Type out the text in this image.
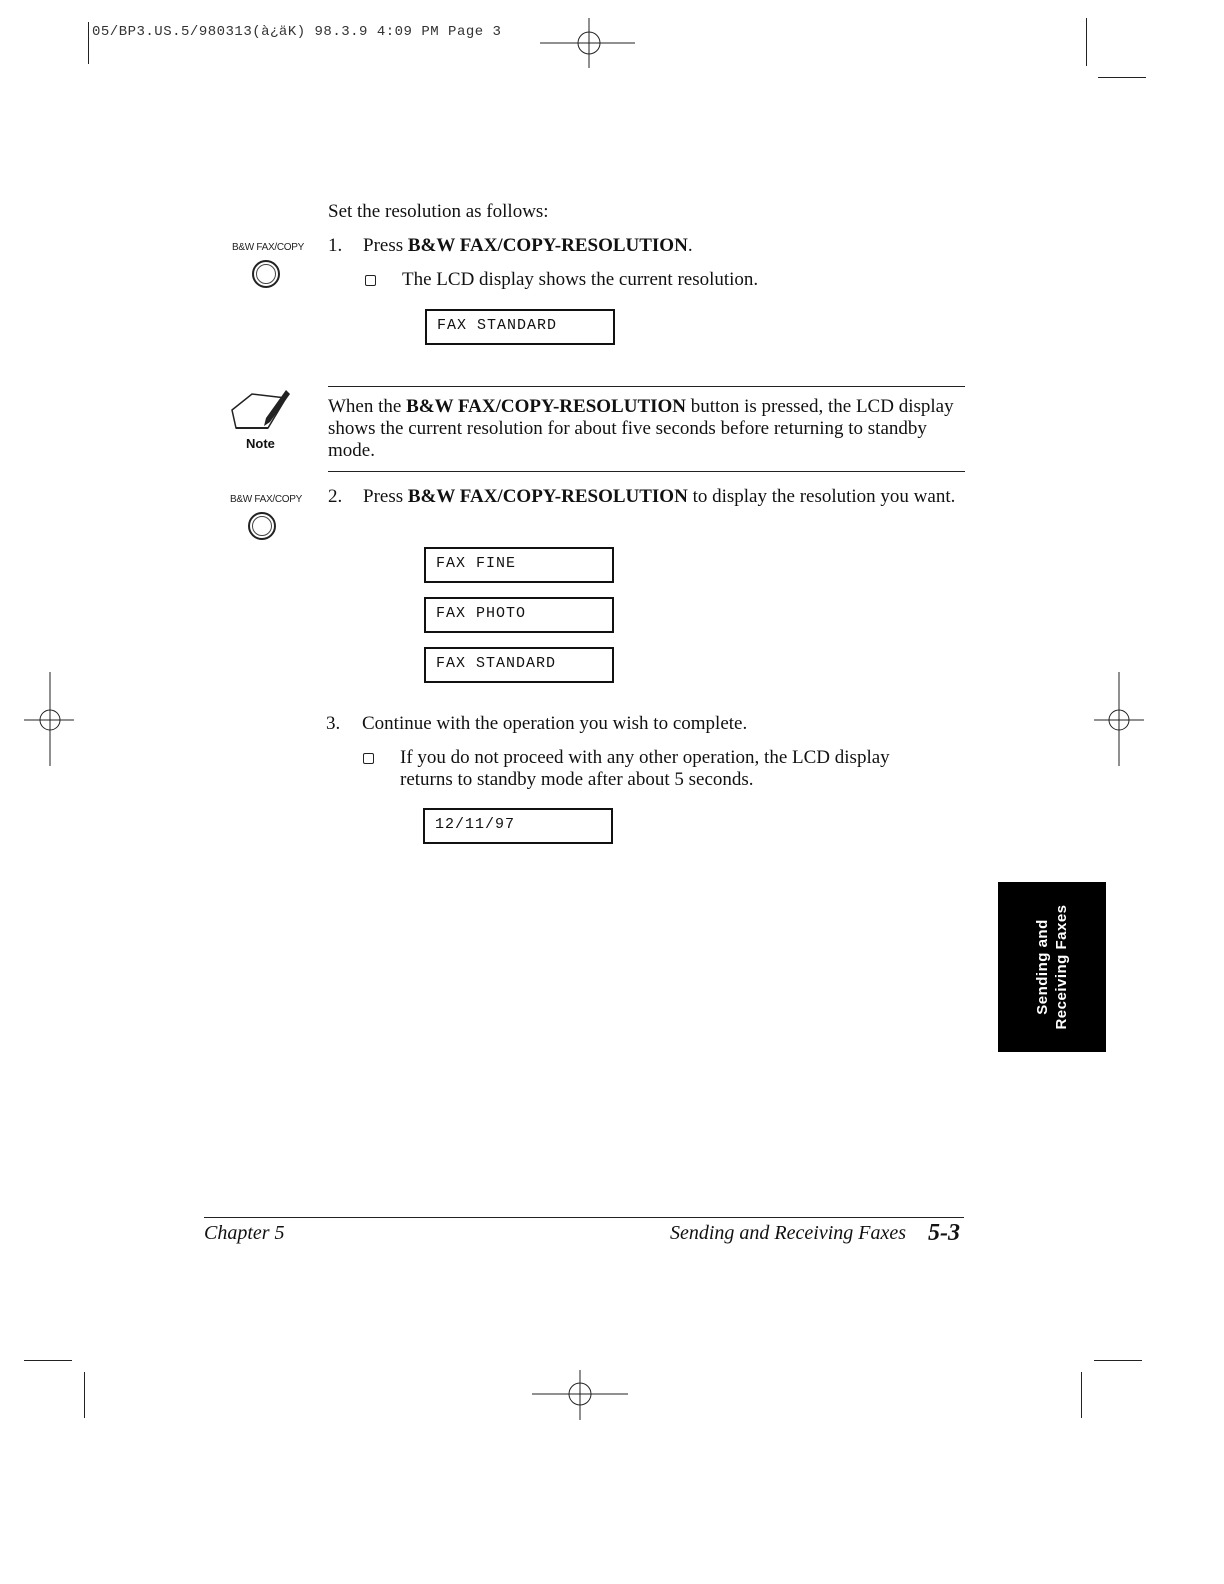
05/BP3.US.5/980313(à¿äK) 98.3.9 4:09 PM Page 3
Set the resolution as follows:
B&W FAX/COPY 1. Press B&W FAX/COPY-RESOLUTION.
The LCD display shows the current resolution.
FAX STANDARD
Note
When the B&W FAX/COPY-RESOLUTION button is pressed, the LCD display shows the current resolution for about five seconds before returning to standby mode.
B&W FAX/COPY 2. Press B&W FAX/COPY-RESOLUTION to display the resolution you want.
FAX FINE
FAX PHOTO
FAX STANDARD
3. Continue with the operation you wish to complete.
If you do not proceed with any other operation, the LCD display returns to standby mode after about 5 seconds.
12/11/97
Sending and Receiving Faxes
Chapter 5	Sending and Receiving Faxes 5-3
